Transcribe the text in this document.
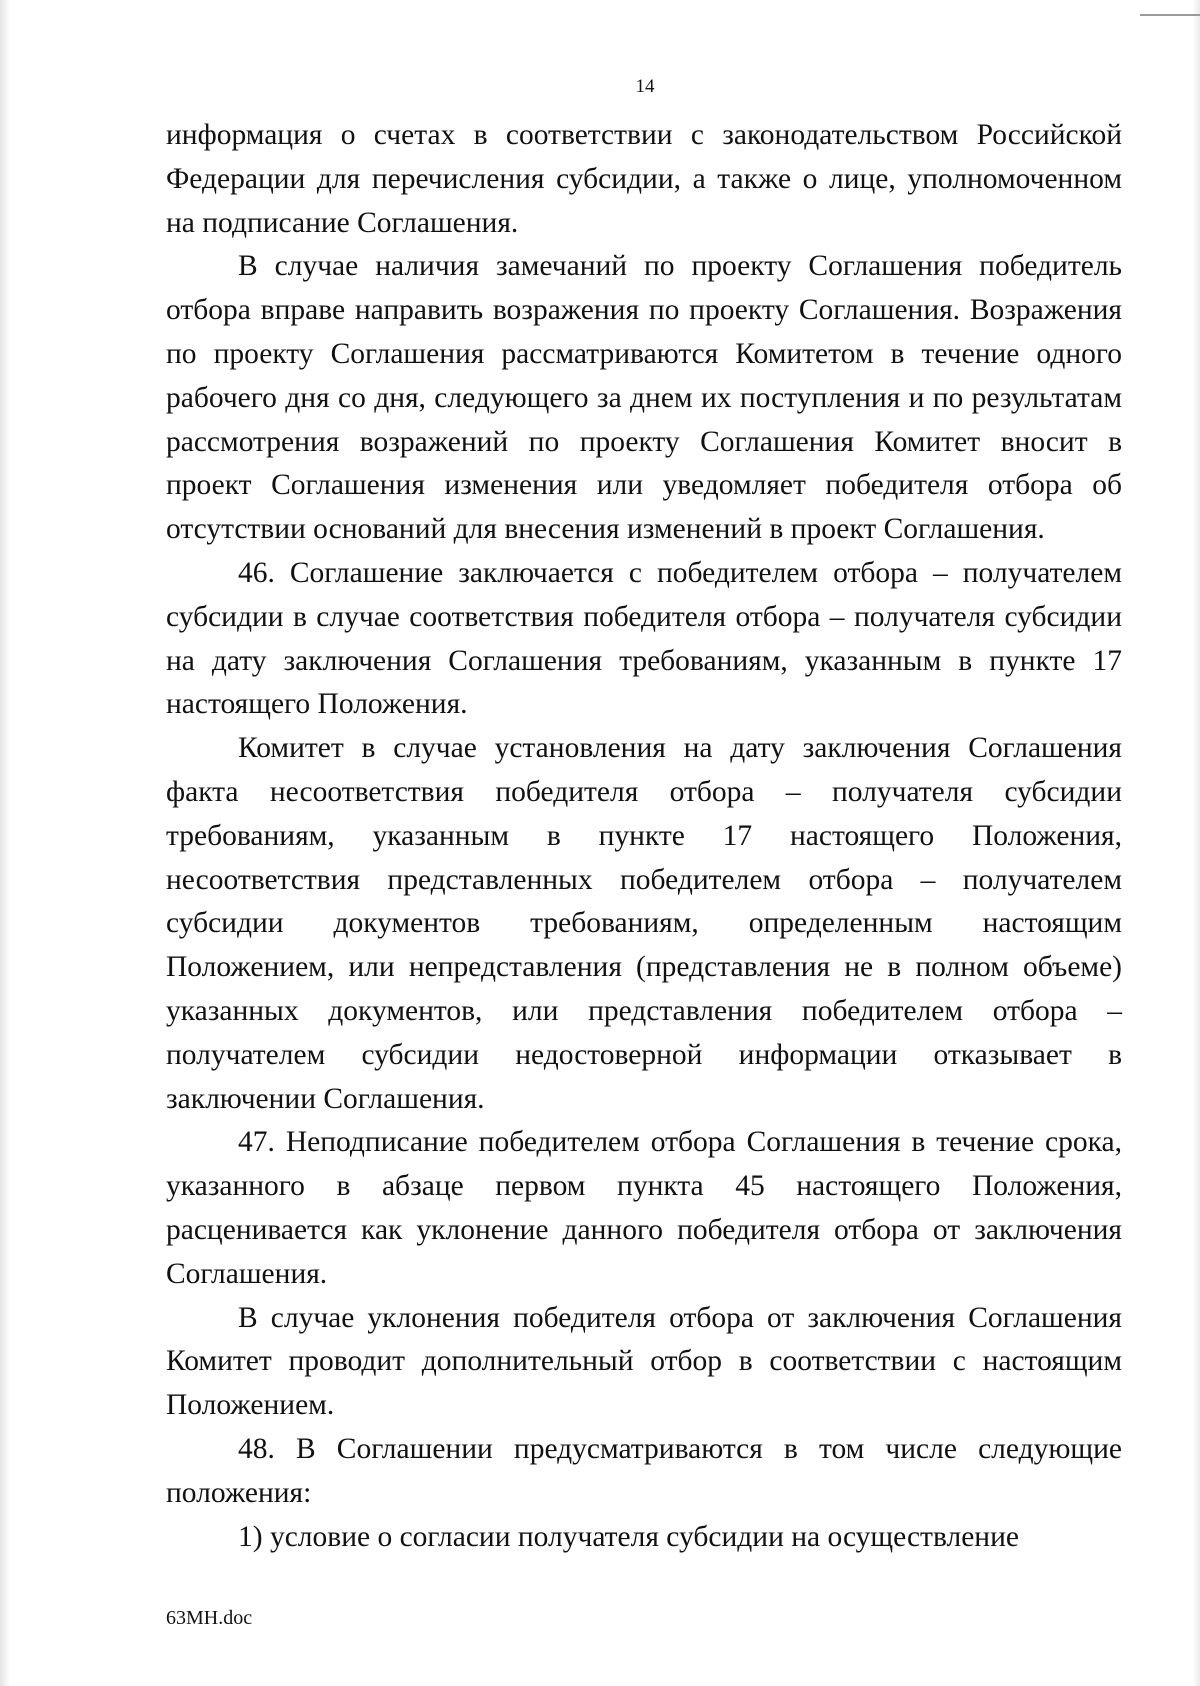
14

информация о счетах в соответствии с законодательством Российской Федерации для перечисления субсидии, а также о лице, уполномоченном на подписание Соглашения.

В случае наличия замечаний по проекту Соглашения победитель отбора вправе направить возражения по проекту Соглашения. Возражения по проекту Соглашения рассматриваются Комитетом в течение одного рабочего дня со дня, следующего за днем их поступления и по результатам рассмотрения возражений по проекту Соглашения Комитет вносит в проект Соглашения изменения или уведомляет победителя отбора об отсутствии оснований для внесения изменений в проект Соглашения.

46. Соглашение заключается с победителем отбора – получателем субсидии в случае соответствия победителя отбора – получателя субсидии на дату заключения Соглашения требованиям, указанным в пункте 17 настоящего Положения.

Комитет в случае установления на дату заключения Соглашения факта несоответствия победителя отбора – получателя субсидии требованиям, указанным в пункте 17 настоящего Положения, несоответствия представленных победителем отбора – получателем субсидии документов требованиям, определенным настоящим Положением, или непредставления (представления не в полном объеме) указанных документов, или представления победителем отбора – получателем субсидии недостоверной информации отказывает в заключении Соглашения.

47. Неподписание победителем отбора Соглашения в течение срока, указанного в абзаце первом пункта 45 настоящего Положения, расценивается как уклонение данного победителя отбора от заключения Соглашения.

В случае уклонения победителя отбора от заключения Соглашения Комитет проводит дополнительный отбор в соответствии с настоящим Положением.

48. В Соглашении предусматриваются в том числе следующие положения:

1) условие о согласии получателя субсидии на осуществление

63MH.doc
